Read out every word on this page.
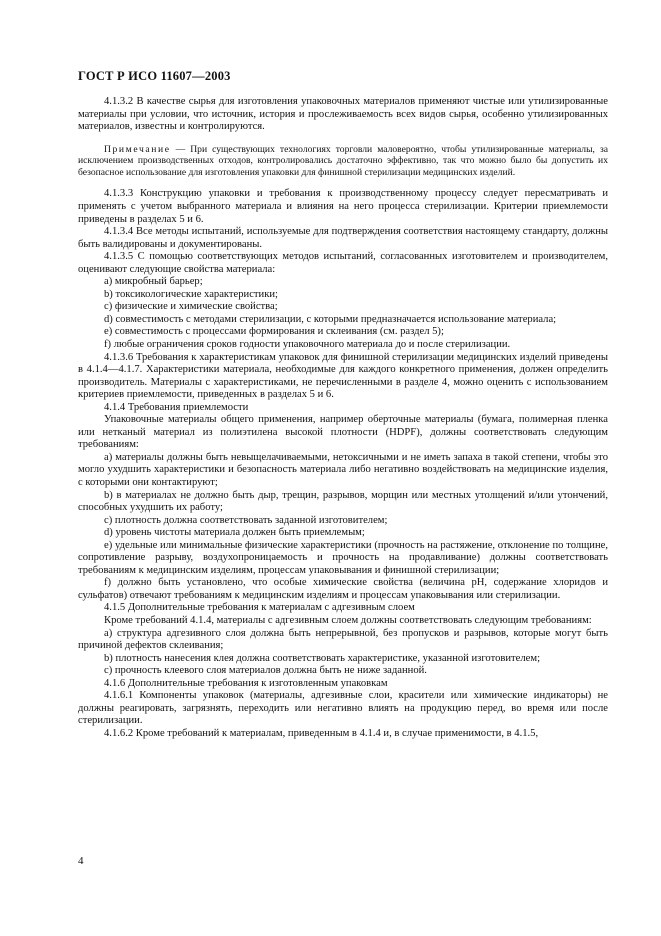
ГОСТ Р ИСО 11607—2003

4.1.3.2 В качестве сырья для изготовления упаковочных материалов применяют чистые или утилизированные материалы при условии, что источник, история и прослеживаемость всех видов сырья, особенно утилизированных материалов, известны и контролируются.

Примечание — При существующих технологиях торговли маловероятно, чтобы утилизированные материалы, за исключением производственных отходов, контролировались достаточно эффективно, так что можно было бы допустить их безопасное использование для изготовления упаковки для финишной стерилизации медицинских изделий.

4.1.3.3 Конструкцию упаковки и требования к производственному процессу следует пересматривать и применять с учетом выбранного материала и влияния на него процесса стерилизации. Критерии приемлемости приведены в разделах 5 и 6.

4.1.3.4 Все методы испытаний, используемые для подтверждения соответствия настоящему стандарту, должны быть валидированы и документированы.

4.1.3.5 С помощью соответствующих методов испытаний, согласованных изготовителем и производителем, оценивают следующие свойства материала:

а) микробный барьер;

b) токсикологические характеристики;

с) физические и химические свойства;

d) совместимость с методами стерилизации, с которыми предназначается использование материала;

е) совместимость с процессами формирования и склеивания (см. раздел 5);

f) любые ограничения сроков годности упаковочного материала до и после стерилизации.

4.1.3.6 Требования к характеристикам упаковок для финишной стерилизации медицинских изделий приведены в 4.1.4—4.1.7. Характеристики материала, необходимые для каждого конкретного применения, должен определить производитель. Материалы с характеристиками, не перечисленными в разделе 4, можно оценить с использованием критериев приемлемости, приведенных в разделах 5 и 6.

4.1.4 Требования приемлемости

Упаковочные материалы общего применения, например оберточные материалы (бумага, полимерная пленка или нетканый материал из полиэтилена высокой плотности (HDPF), должны соответствовать следующим требованиям:

а) материалы должны быть невыщелачиваемыми, нетоксичными и не иметь запаха в такой степени, чтобы это могло ухудшить характеристики и безопасность материала либо негативно воздействовать на медицинские изделия, с которыми они контактируют;

b) в материалах не должно быть дыр, трещин, разрывов, морщин или местных утолщений и/или утончений, способных ухудшить их работу;

с) плотность должна соответствовать заданной изготовителем;

d) уровень чистоты материала должен быть приемлемым;

е) удельные или минимальные физические характеристики (прочность на растяжение, отклонение по толщине, сопротивление разрыву, воздухопроницаемость и прочность на продавливание) должны соответствовать требованиям к медицинским изделиям, процессам упаковывания и финишной стерилизации;

f) должно быть установлено, что особые химические свойства (величина pH, содержание хлоридов и сульфатов) отвечают требованиям к медицинским изделиям и процессам упаковывания или стерилизации.

4.1.5 Дополнительные требования к материалам с адгезивным слоем

Кроме требований 4.1.4, материалы с адгезивным слоем должны соответствовать следующим требованиям:

а) структура адгезивного слоя должна быть непрерывной, без пропусков и разрывов, которые могут быть причиной дефектов склеивания;

b) плотность нанесения клея должна соответствовать характеристике, указанной изготовителем;

с) прочность клеевого слоя материалов должна быть не ниже заданной.

4.1.6 Дополнительные требования к изготовленным упаковкам

4.1.6.1 Компоненты упаковок (материалы, адгезивные слои, красители или химические индикаторы) не должны реагировать, загрязнять, переходить или негативно влиять на продукцию перед, во время или после стерилизации.

4.1.6.2 Кроме требований к материалам, приведенным в 4.1.4 и, в случае применимости, в 4.1.5,

4
